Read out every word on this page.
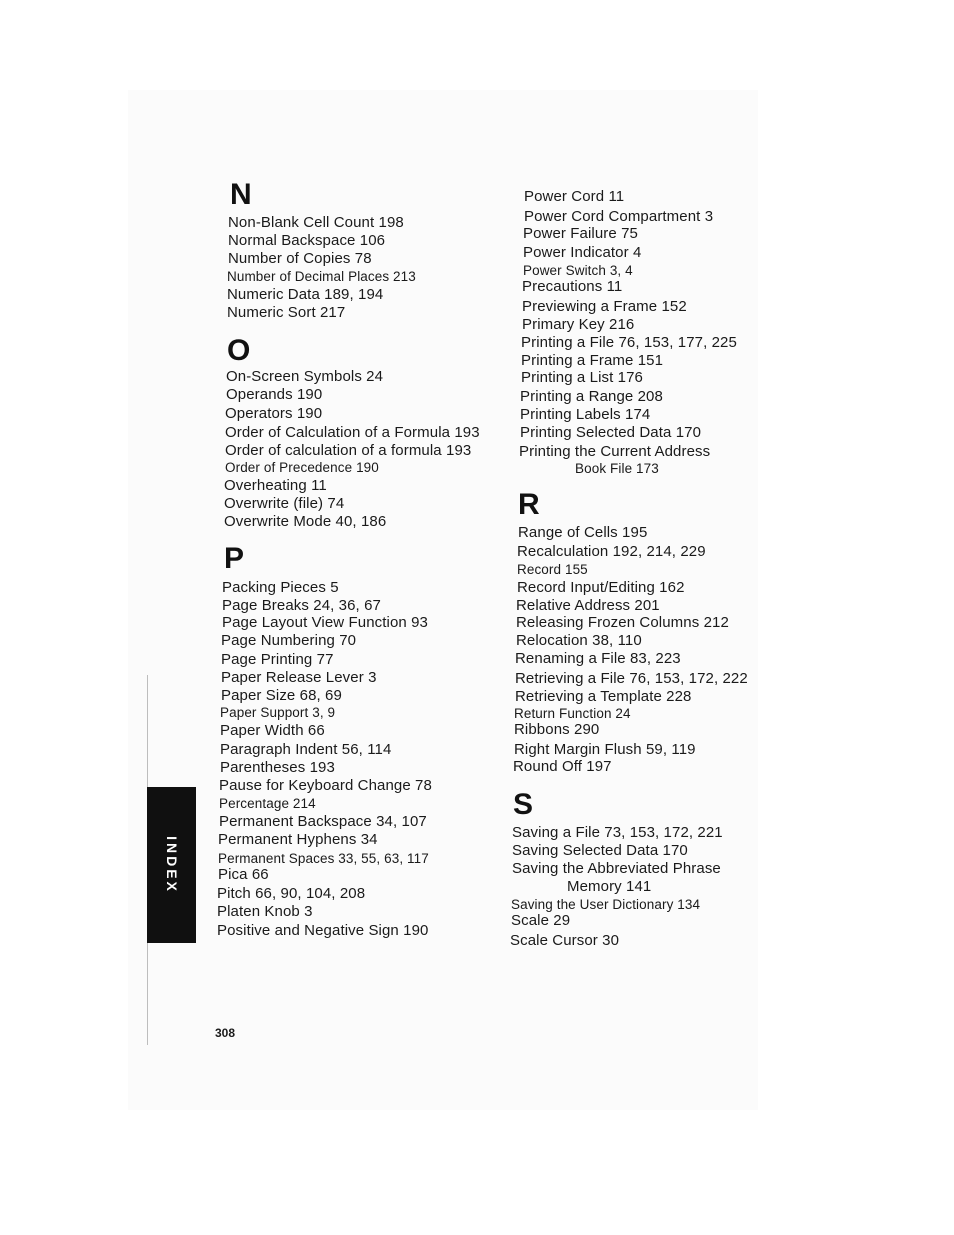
INDEX
N
Non-Blank Cell Count 198
Normal Backspace 106
Number of Copies 78
Number of Decimal Places 213
Numeric Data 189, 194
Numeric Sort 217
O
On-Screen Symbols 24
Operands 190
Operators 190
Order of Calculation of a Formula 193
Order of calculation of a formula 193
Order of Precedence 190
Overheating 11
Overwrite (file) 74
Overwrite Mode 40, 186
P
Packing Pieces 5
Page Breaks 24, 36, 67
Page Layout View Function 93
Page Numbering 70
Page Printing 77
Paper Release Lever 3
Paper Size 68, 69
Paper Support 3, 9
Paper Width 66
Paragraph Indent 56, 114
Parentheses 193
Pause for Keyboard Change 78
Percentage 214
Permanent Backspace 34, 107
Permanent Hyphens 34
Permanent Spaces 33, 55, 63, 117
Pica 66
Pitch 66, 90, 104, 208
Platen Knob 3
Positive and Negative Sign 190
Power Cord 11
Power Cord Compartment 3
Power Failure 75
Power Indicator 4
Power Switch 3, 4
Precautions 11
Previewing a Frame 152
Primary Key 216
Printing a File 76, 153, 177, 225
Printing a Frame 151
Printing a List 176
Printing a Range 208
Printing Labels 174
Printing Selected Data 170
Printing the Current Address
Book File 173
R
Range of Cells 195
Recalculation 192, 214, 229
Record 155
Record Input/Editing 162
Relative Address 201
Releasing Frozen Columns 212
Relocation 38, 110
Renaming a File 83, 223
Retrieving a File 76, 153, 172, 222
Retrieving a Template 228
Return Function 24
Ribbons 290
Right Margin Flush 59, 119
Round Off 197
S
Saving a File 73, 153, 172, 221
Saving Selected Data 170
Saving the Abbreviated Phrase
Memory 141
Saving the User Dictionary 134
Scale 29
Scale Cursor 30
308
